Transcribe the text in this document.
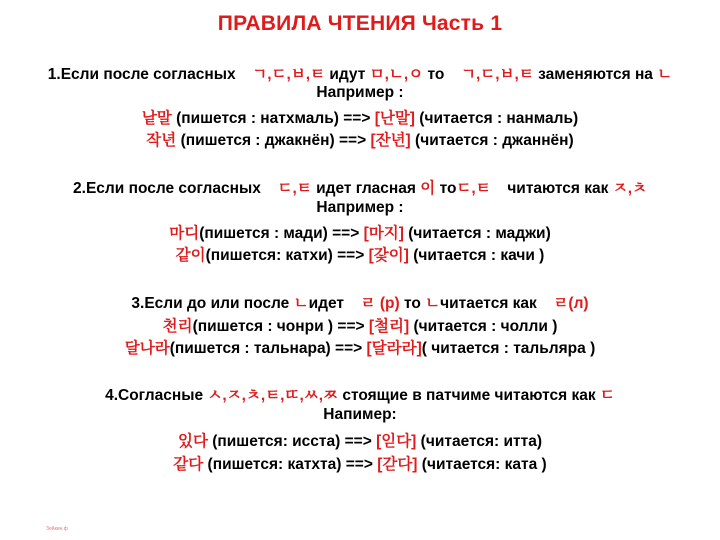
ПРАВИЛА ЧТЕНИЯ Часть 1
1.Если после согласных ㄱ,ㄷ,ㅂ,ㅌ идут ㅁ,ㄴ,ㅇ то ㄱ,ㄷ,ㅂ,ㅌ заменяются на ㄴ
Например :
낱말 (пишется : натхмаль) ==> [난말] (читается : нанмаль)
작년 (пишется : джакнён) ==> [잔년] (читается : джаннён)
2.Если после согласных ㄷ,ㅌ идет гласная 이 тоㄷ,ㅌ читаются как ㅈ,ㅊ
Например :
마디(пишется : мади) ==> [마지] (читается : маджи)
같이(пишется: катхи) ==> [갗이] (читается : качи )
3.Если до или после ㄴидет ㄹ (р) то ㄴчитается как ㄹ(л)
천리(пишется : чонри ) ==> [철리] (читается : чолли )
달나라(пишется : тальнара) ==> [달라라]( читается : тальляра )
4.Согласные ㅅ,ㅈ,ㅊ,ㅌ,ㄸ,ㅆ,ㅉ стоящие в патчиме читаются как ㄷ
Напимер:
있다 (пишется: исста) ==> [읻다] (читается: итта)
같다 (пишется: катхта) ==> [갇다] (читается: ката )
Зейкин.ф
